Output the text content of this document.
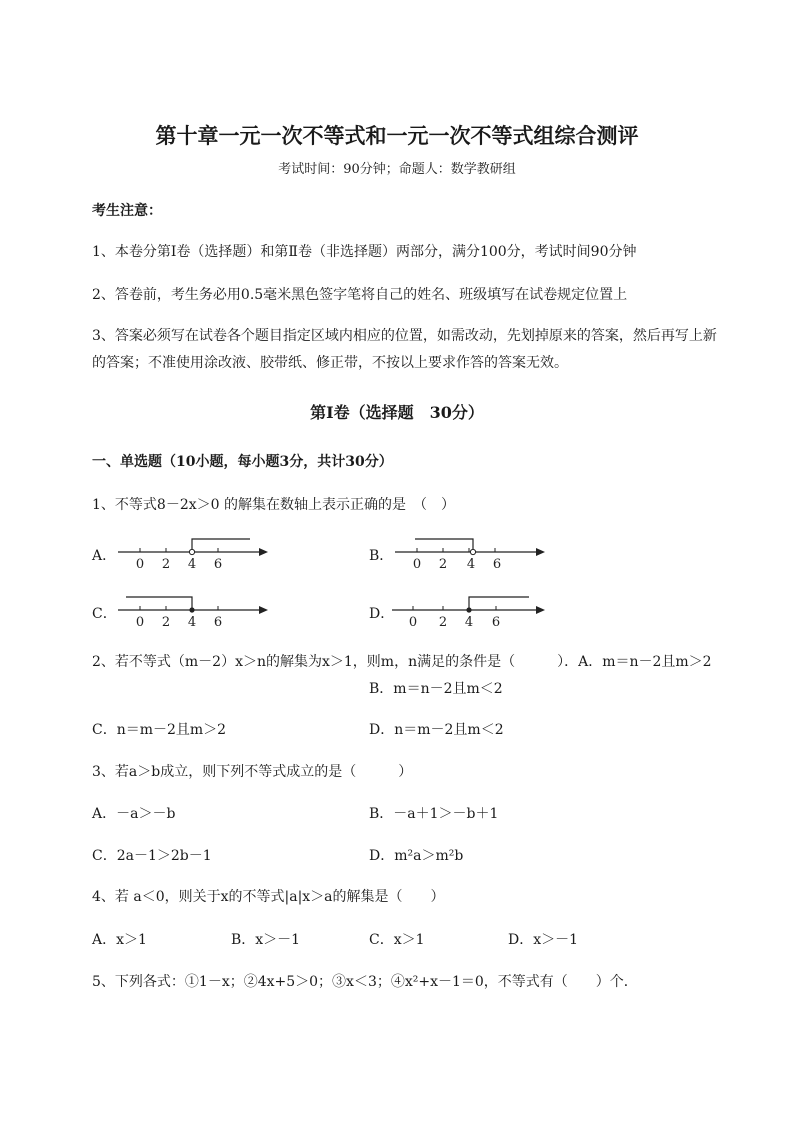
第十章一元一次不等式和一元一次不等式组综合测评
考试时间：90分钟；命题人：数学教研组
考生注意：
1、本卷分第I卷（选择题）和第Ⅱ卷（非选择题）两部分，满分100分，考试时间90分钟
2、答卷前，考生务必用0.5毫米黑色签字笔将自己的姓名、班级填写在试卷规定位置上
3、答案必须写在试卷各个题目指定区域内相应的位置，如需改动，先划掉原来的答案，然后再写上新
的答案；不准使用涂改液、胶带纸、修正带，不按以上要求作答的答案无效。
第I卷（选择题　30分）
一、单选题（10小题，每小题3分，共计30分）
1、不等式8－2x＞0 的解集在数轴上表示正确的是　（　）
A．
0 2 4 6
B．
0 2 4 6
C．
0 2 4 6
D．
0 2 4 6
2、若不等式（m－2）x＞n的解集为x＞1，则m，n满足的条件是（　　　）．A．m＝n－2且m＞2
B．m＝n－2且m＜2
C．n＝m－2且m＞2	D．n＝m－2且m＜2
3、若a＞b成立，则下列不等式成立的是（　　　）
A．－a＞－b	B．－a＋1＞－b＋1
C．2a－1＞2b－1	D．m²a＞m²b
4、若 a＜0，则关于x的不等式|a|x＞a的解集是（　　）
A．x＞1	B．x＞－1	C．x＞1	D．x＞－1
5、下列各式：①1－x；②4x+5＞0；③x＜3；④x²+x－1＝0，不等式有（　　）个．
